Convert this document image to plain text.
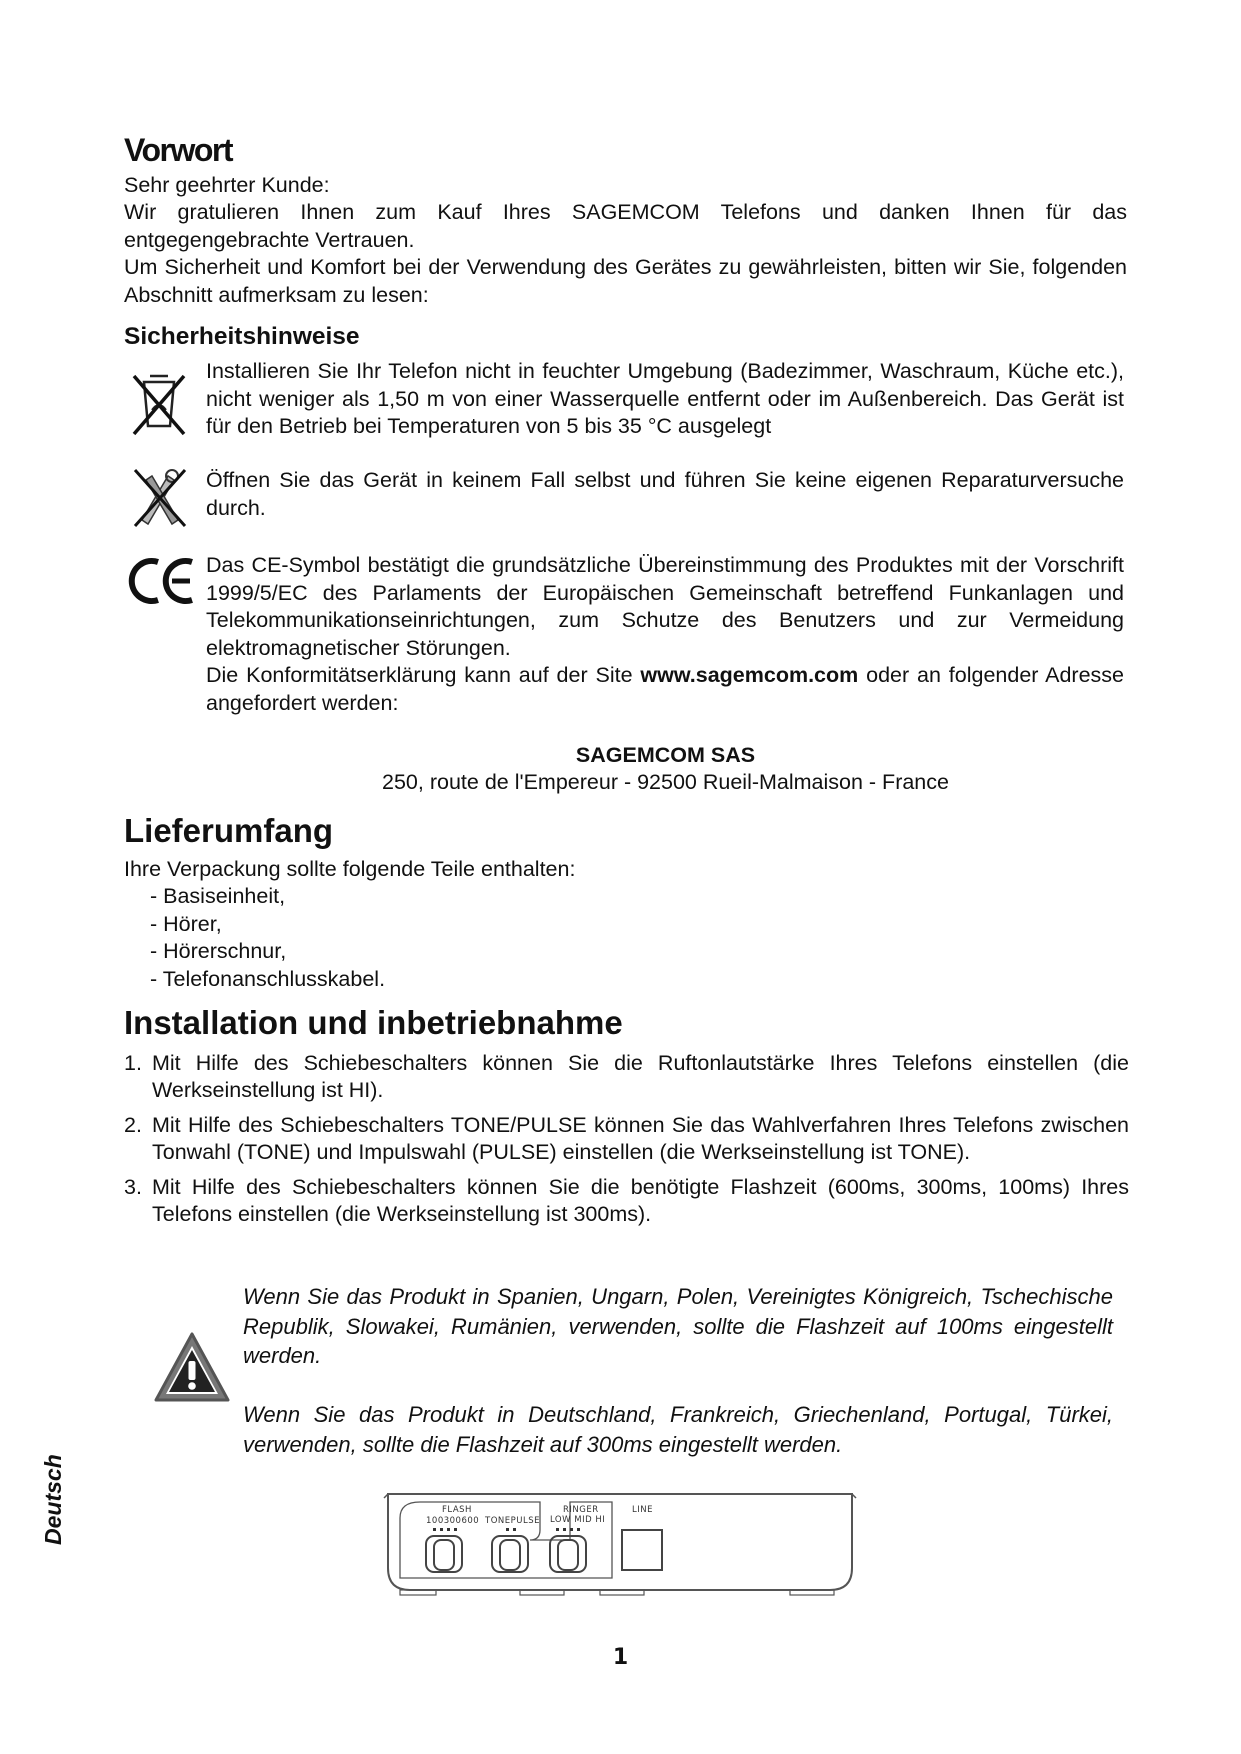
Vorwort
Sehr geehrter Kunde:
Wir gratulieren Ihnen zum Kauf Ihres SAGEMCOM Telefons und danken Ihnen für das entgegengebrachte Vertrauen.
Um Sicherheit und Komfort bei der Verwendung des Gerätes zu gewährleisten, bitten wir Sie, folgenden Abschnitt aufmerksam zu lesen:
Sicherheitshinweise
Installieren Sie Ihr Telefon nicht in feuchter Umgebung (Badezimmer, Waschraum, Küche etc.), nicht weniger als 1,50 m von einer Wasserquelle entfernt oder im Außenbereich. Das Gerät ist für den Betrieb bei Temperaturen von 5 bis 35 °C ausgelegt
Öffnen Sie das Gerät in keinem Fall selbst und führen Sie keine eigenen Reparaturversuche durch.
Das CE-Symbol bestätigt die grundsätzliche Übereinstimmung des Produktes mit der Vorschrift 1999/5/EC des Parlaments der Europäischen Gemeinschaft betreffend Funkanlagen und Telekommunikationseinrichtungen, zum Schutze des Benutzers und zur Vermeidung elektromagnetischer Störungen.
Die Konformitätserklärung kann auf der Site www.sagemcom.com oder an folgender Adresse angefordert werden:
SAGEMCOM SAS
250, route de l'Empereur - 92500 Rueil-Malmaison - France
Lieferumfang
Ihre Verpackung sollte folgende Teile enthalten:
- Basiseinheit,
- Hörer,
- Hörerschnur,
- Telefonanschlusskabel.
Installation und inbetriebnahme
1. Mit Hilfe des Schiebeschalters können Sie die Ruftonlautstärke Ihres Telefons einstellen (die Werkseinstellung ist HI).
2. Mit Hilfe des Schiebeschalters TONE/PULSE können Sie das Wahlverfahren Ihres Telefons zwischen Tonwahl (TONE) und Impulswahl (PULSE) einstellen (die Werkseinstellung ist TONE).
3. Mit Hilfe des Schiebeschalters können Sie die benötigte Flashzeit (600ms, 300ms, 100ms) Ihres Telefons einstellen (die Werkseinstellung ist 300ms).
Wenn Sie das Produkt in Spanien, Ungarn, Polen, Vereinigtes Königreich, Tschechische Republik, Slowakei, Rumänien, verwenden, sollte die Flashzeit auf 100ms eingestellt werden.
Wenn Sie das Produkt in Deutschland, Frankreich, Griechenland, Portugal, Türkei, verwenden, sollte die Flashzeit auf 300ms eingestellt werden.
FLASH
100300600 TONEPULSE
RINGER
LOW MID HI
LINE
Deutsch
1
